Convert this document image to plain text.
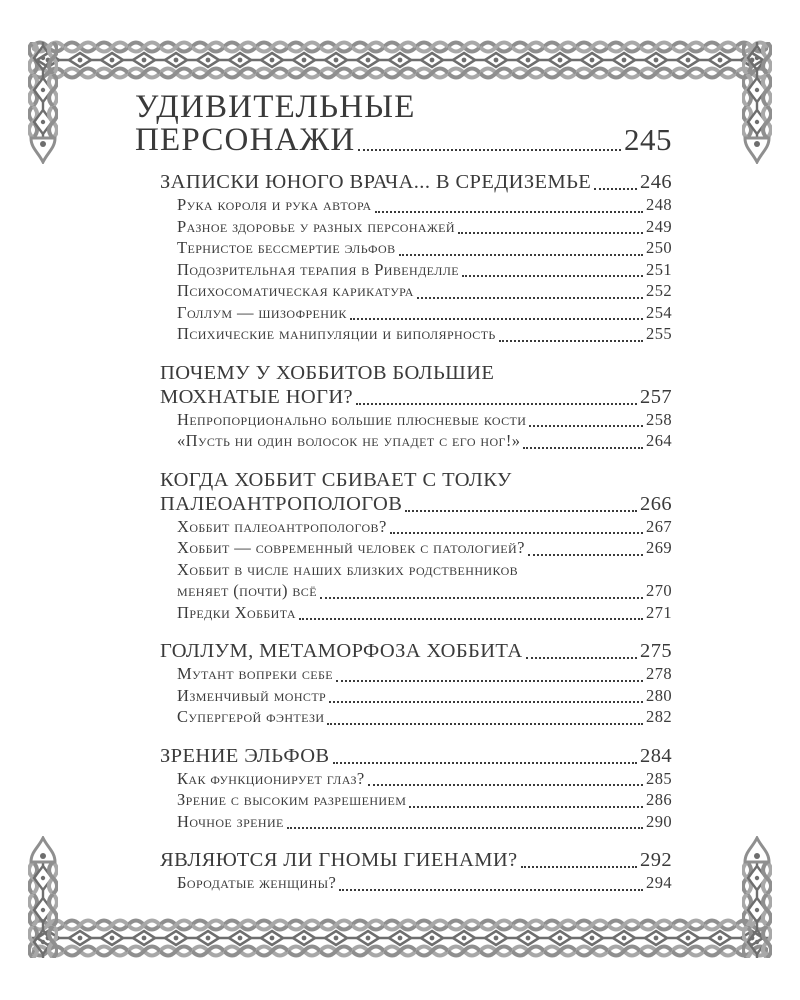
УДИВИТЕЛЬНЫЕ
ПЕРСОНАЖИ	245
ЗАПИСКИ ЮНОГО ВРАЧА... В СРЕДИЗЕМЬЕ 246
Рука короля и рука автора	248
Разное здоровье у разных персонажей	249
Тернистое бессмертие эльфов	250
Подозрительная терапия в Ривенделле	251
Психосоматическая карикатура	252
Голлум — шизофреник	254
Психические манипуляции и биполярность	255
ПОЧЕМУ У ХОББИТОВ БОЛЬШИЕ
МОХНАТЫЕ НОГИ?	257
Непропорционально большие плюсневые кости	258
«Пусть ни один волосок не упадет с его ног!»	264
КОГДА ХОББИТ СБИВАЕТ С ТОЛКУ
ПАЛЕОАНТРОПОЛОГОВ	266
Хоббит палеоантропологов?	267
Хоббит — современный человек с патологией?	269
Хоббит в числе наших близких родственников
меняет (почти) всё	270
Предки Хоббита	271
ГОЛЛУМ, МЕТАМОРФОЗА ХОББИТА	275
Мутант вопреки себе	278
Изменчивый монстр	280
Супергерой фэнтези	282
ЗРЕНИЕ ЭЛЬФОВ	284
Как функционирует глаз?	285
Зрение с высоким разрешением	286
Ночное зрение	290
ЯВЛЯЮТСЯ ЛИ ГНОМЫ ГИЕНАМИ?	292
Бородатые женщины?	294
